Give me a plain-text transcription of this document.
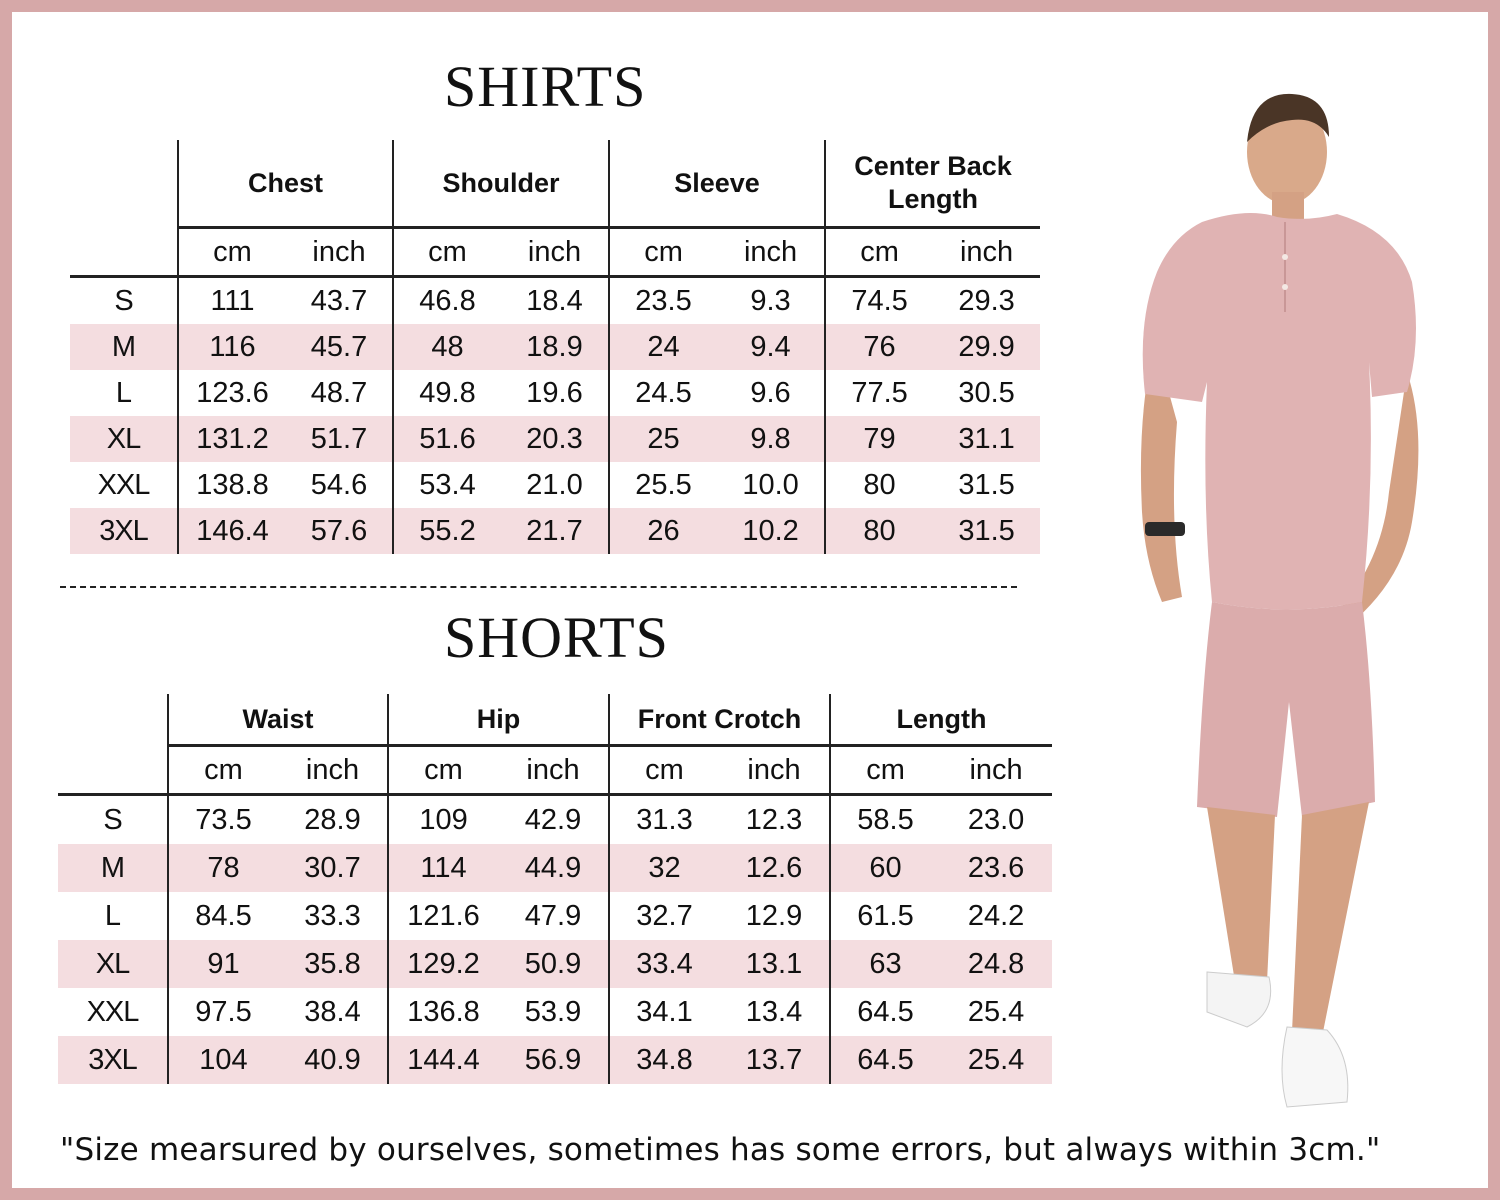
SHIRTS
	Chest		Shoulder		Sleeve		Center Back Length	
	cm	inch	cm	inch	cm	inch	cm	inch
S	111	43.7	46.8	18.4	23.5	9.3	74.5	29.3
M	116	45.7	48	18.9	24	9.4	76	29.9
L	123.6	48.7	49.8	19.6	24.5	9.6	77.5	30.5
XL	131.2	51.7	51.6	20.3	25	9.8	79	31.1
XXL	138.8	54.6	53.4	21.0	25.5	10.0	80	31.5
3XL	146.4	57.6	55.2	21.7	26	10.2	80	31.5
SHORTS
	Waist		Hip		Front Crotch		Length	
	cm	inch	cm	inch	cm	inch	cm	inch
S	73.5	28.9	109	42.9	31.3	12.3	58.5	23.0
M	78	30.7	114	44.9	32	12.6	60	23.6
L	84.5	33.3	121.6	47.9	32.7	12.9	61.5	24.2
XL	91	35.8	129.2	50.9	33.4	13.1	63	24.8
XXL	97.5	38.4	136.8	53.9	34.1	13.4	64.5	25.4
3XL	104	40.9	144.4	56.9	34.8	13.7	64.5	25.4

"Size mearsured by ourselves, sometimes has some errors, but always within 3cm."
